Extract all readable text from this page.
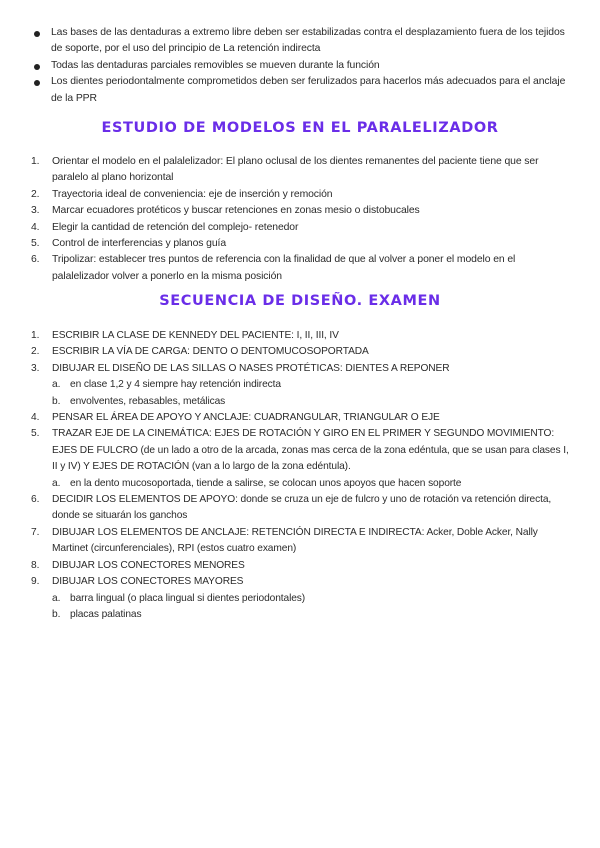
Las bases de las dentaduras a extremo libre deben ser estabilizadas contra el desplazamiento fuera de los tejidos de soporte, por el uso del principio de La retención indirecta
Todas las dentaduras parciales removibles se mueven durante la función
Los dientes periodontalmente comprometidos deben ser ferulizados para hacerlos más adecuados para el anclaje de la PPR
ESTUDIO DE MODELOS EN EL PARALELIZADOR
1. Orientar el modelo en el palalelizador: El plano oclusal de los dientes remanentes del paciente tiene que ser paralelo al plano horizontal
2. Trayectoria ideal de conveniencia: eje de inserción y remoción
3. Marcar ecuadores protéticos y buscar retenciones en zonas mesio o distobucales
4. Elegir la cantidad de retención del complejo- retenedor
5. Control de interferencias y planos guía
6. Tripolizar: establecer tres puntos de referencia con la finalidad de que al volver a poner el modelo en el palalelizador volver a ponerlo en la misma posición
SECUENCIA DE DISEÑO. EXAMEN
1. ESCRIBIR LA CLASE DE KENNEDY DEL PACIENTE: I, II, III, IV
2. ESCRIBIR LA VÍA DE CARGA: DENTO O DENTOMUCOSOPORTADA
3. DIBUJAR EL DISEÑO DE LAS SILLAS O NASES PROTÉTICAS: DIENTES A REPONER
a. en clase 1,2 y 4 siempre hay retención indirecta
b. envolventes, rebasables, metálicas
4. PENSAR EL ÁREA DE APOYO Y ANCLAJE: CUADRANGULAR, TRIANGULAR O EJE
5. TRAZAR EJE DE LA CINEMÁTICA: EJES DE ROTACIÓN Y GIRO EN EL PRIMER Y SEGUNDO MOVIMIENTO: EJES DE FULCRO (de un lado a otro de la arcada, zonas mas cerca de la zona edéntula, que se usan para clases I, II y IV) Y EJES DE ROTACIÓN (van a lo largo de la zona edéntula).
a. en la dento mucosoportada, tiende a salirse, se colocan unos apoyos que hacen soporte
6. DECIDIR LOS ELEMENTOS DE APOYO: donde se cruza un eje de fulcro y uno de rotación va retención directa, donde se situarán los ganchos
7. DIBUJAR LOS ELEMENTOS DE ANCLAJE: RETENCIÓN DIRECTA E INDIRECTA: Acker, Doble Acker, Nally Martinet (circunferenciales), RPI (estos cuatro examen)
8. DIBUJAR LOS CONECTORES MENORES
9. DIBUJAR LOS CONECTORES MAYORES
a. barra lingual (o placa lingual si dientes periodontales)
b. placas palatinas
